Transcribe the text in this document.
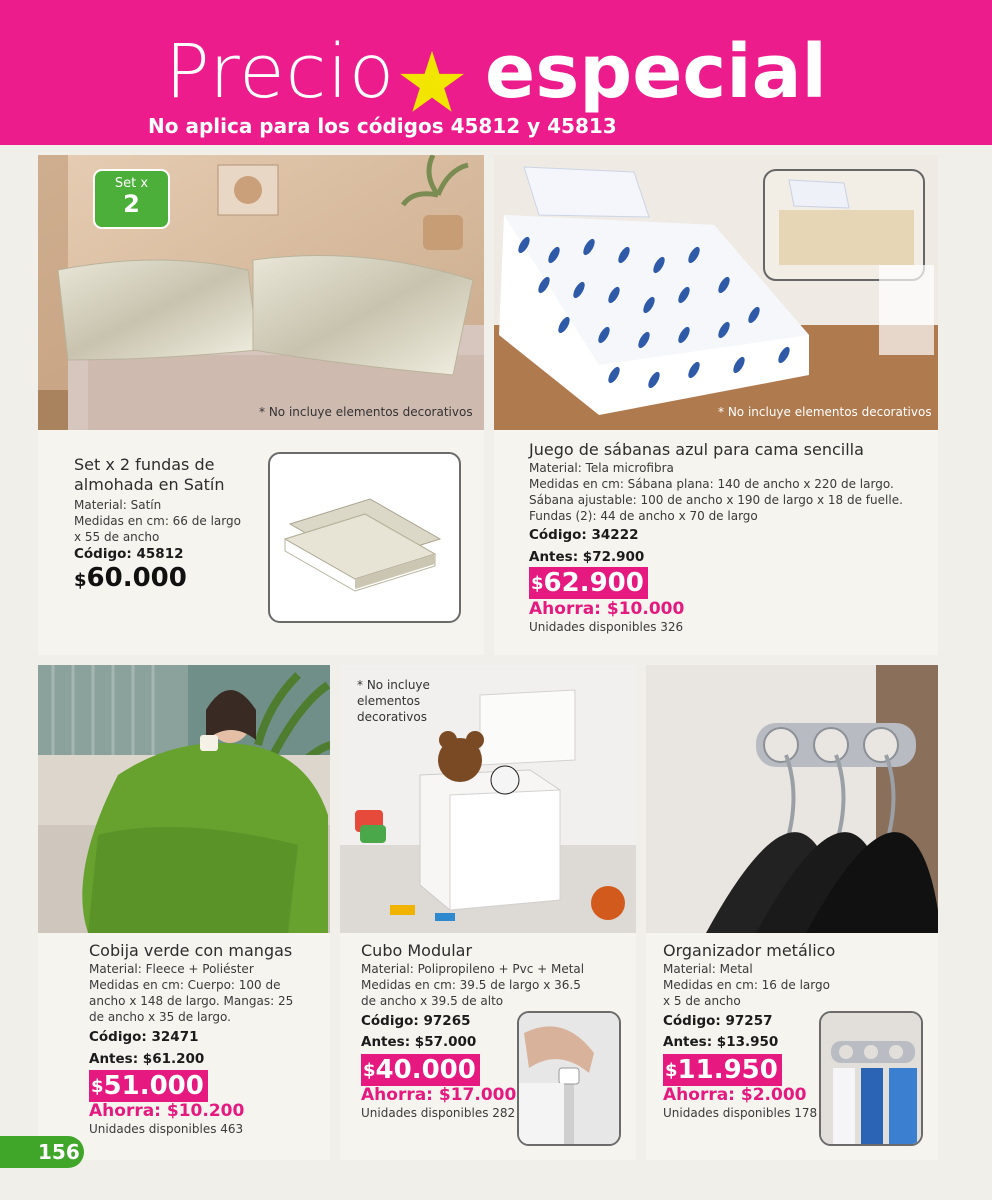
Precio especial
No aplica para los códigos 45812 y 45813
Set x
2
* No incluye elementos decorativos
Set x 2 fundas de almohada en Satín
Material: Satín
Medidas en cm: 66 de largo
x 55 de ancho
Código: 45812
$60.000
* No incluye elementos decorativos
Juego de sábanas azul para cama sencilla
Material: Tela microfibra
Medidas en cm: Sábana plana: 140 de ancho x 220 de largo.
Sábana ajustable: 100 de ancho x 190 de largo x 18 de fuelle.
Fundas (2): 44 de ancho x 70 de largo
Código: 34222
Antes: $72.900
$62.900
Ahorra: $10.000
Unidades disponibles 326
Cobija verde con mangas
Material: Fleece + Poliéster
Medidas en cm: Cuerpo: 100 de
ancho x 148 de largo. Mangas: 25
de ancho x 35 de largo.
Código: 32471
Antes: $61.200
$51.000
Ahorra: $10.200
Unidades disponibles 463
* No incluye
elementos
decorativos
Cubo Modular
Material: Polipropileno + Pvc + Metal
Medidas en cm: 39.5 de largo x 36.5
de ancho x 39.5 de alto
Código: 97265
Antes: $57.000
$40.000
Ahorra: $17.000
Unidades disponibles 282
Organizador metálico
Material: Metal
Medidas en cm: 16 de largo
x 5 de ancho
Código: 97257
Antes: $13.950
$11.950
Ahorra: $2.000
Unidades disponibles 178
156
